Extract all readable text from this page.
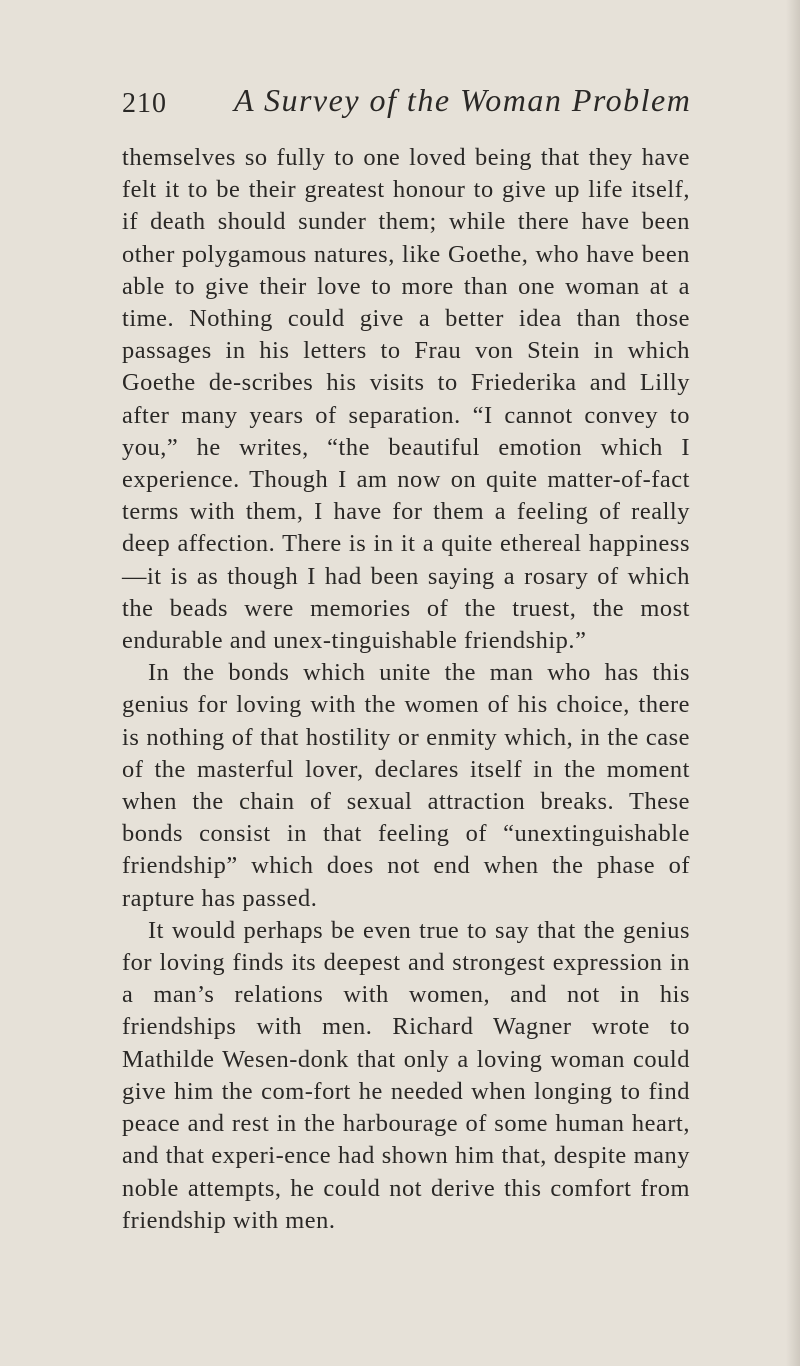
210 A Survey of the Woman Problem

themselves so fully to one loved being that they have felt it to be their greatest honour to give up life itself, if death should sunder them; while there have been other polygamous natures, like Goethe, who have been able to give their love to more than one woman at a time. Nothing could give a better idea than those passages in his letters to Frau von Stein in which Goethe de-scribes his visits to Friederika and Lilly after many years of separation. “I cannot convey to you,” he writes, “the beautiful emotion which I experience. Though I am now on quite matter-of-fact terms with them, I have for them a feeling of really deep affection. There is in it a quite ethereal happiness—it is as though I had been saying a rosary of which the beads were memories of the truest, the most endurable and unex-tinguishable friendship.”

In the bonds which unite the man who has this genius for loving with the women of his choice, there is nothing of that hostility or enmity which, in the case of the masterful lover, declares itself in the moment when the chain of sexual attraction breaks. These bonds consist in that feeling of “unextinguishable friendship” which does not end when the phase of rapture has passed.

It would perhaps be even true to say that the genius for loving finds its deepest and strongest expression in a man’s relations with women, and not in his friendships with men. Richard Wagner wrote to Mathilde Wesen-donk that only a loving woman could give him the com-fort he needed when longing to find peace and rest in the harbourage of some human heart, and that experi-ence had shown him that, despite many noble attempts, he could not derive this comfort from friendship with men.
